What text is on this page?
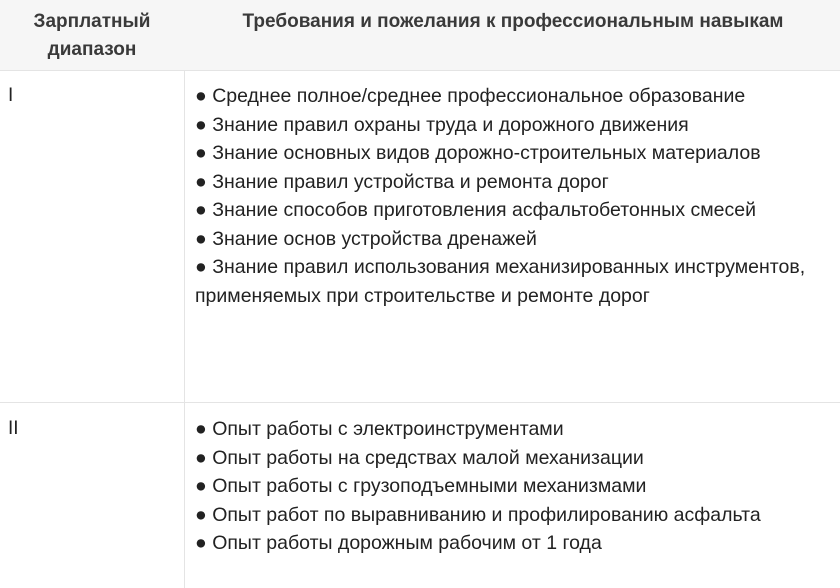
Зарплатный диапазон
Требования и пожелания к профессиональным навыкам
I	● Среднее полное/среднее профессиональное образование
● Знание правил охраны труда и дорожного движения
● Знание основных видов дорожно-строительных материалов
● Знание правил устройства и ремонта дорог
● Знание способов приготовления асфальтобетонных смесей
● Знание основ устройства дренажей
● Знание правил использования механизированных инструментов, применяемых при строительстве и ремонте дорог
II	● Опыт работы с электроинструментами
● Опыт работы на средствах малой механизации
● Опыт работы с грузоподъемными механизмами
● Опыт работ по выравниванию и профилированию асфальта
● Опыт работы дорожным рабочим от 1 года
